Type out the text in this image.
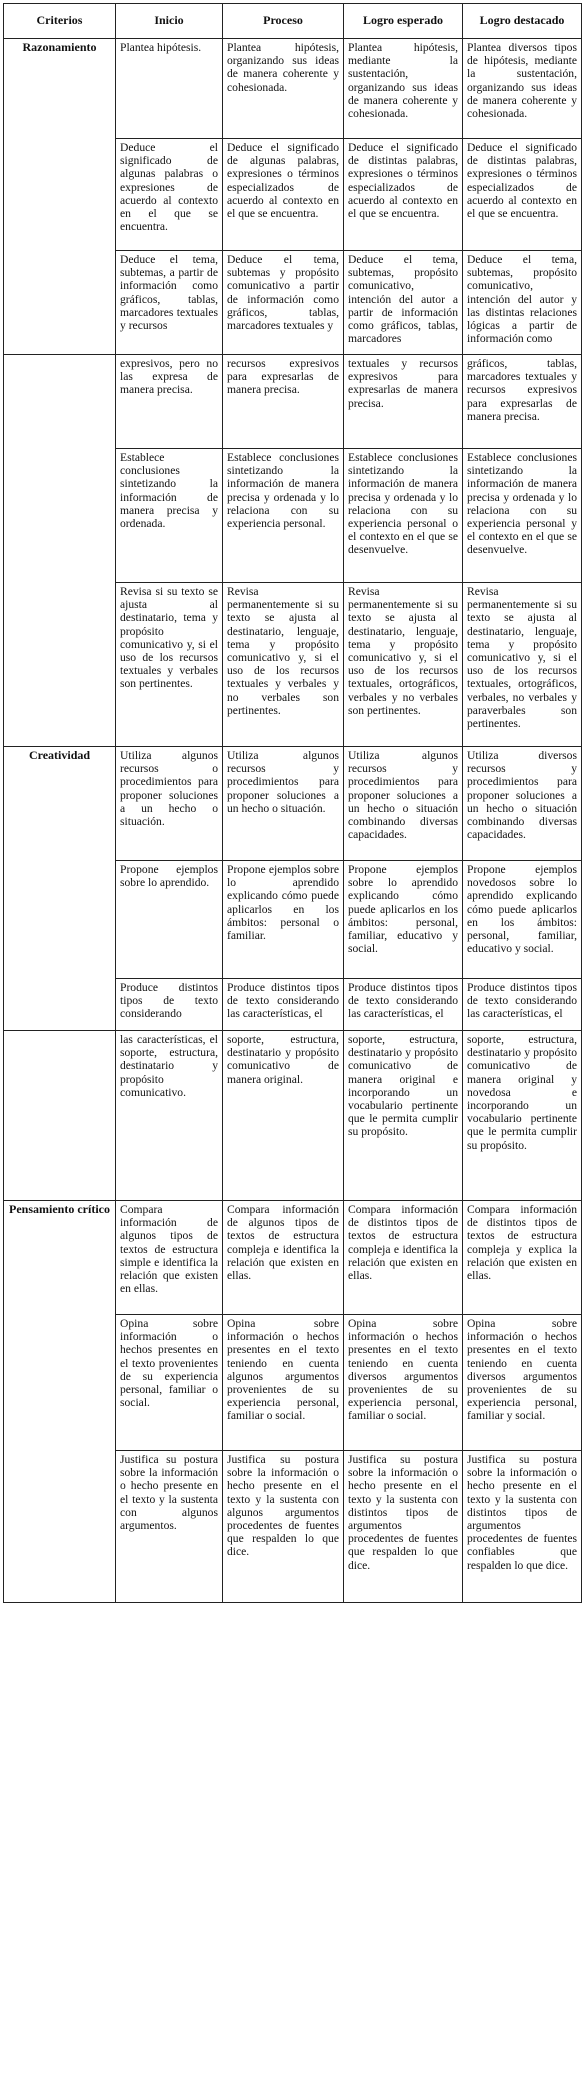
Criterios	Inicio	Proceso	Logro esperado	Logro destacado
Razonamiento	Plantea hipótesis.	Plantea hipótesis, organizando sus ideas de manera coherente y cohesionada.	Plantea hipótesis, mediante la sustentación, organizando sus ideas de manera coherente y cohesionada.	Plantea diversos tipos de hipótesis, mediante la sustentación, organizando sus ideas de manera coherente y cohesionada.

	Deduce el significado de algunas palabras o expresiones de acuerdo al contexto en el que se encuentra.	Deduce el significado de algunas palabras, expresiones o términos especializados de acuerdo al contexto en el que se encuentra.	Deduce el significado de distintas palabras, expresiones o términos especializados de acuerdo al contexto en el que se encuentra.	Deduce el significado de distintas palabras, expresiones o términos especializados de acuerdo al contexto en el que se encuentra.

	Deduce el tema, subtemas, a partir de información como gráficos, tablas, marcadores textuales y recursos	Deduce el tema, subtemas y propósito comunicativo a partir de información como gráficos, tablas, marcadores textuales y	Deduce el tema, subtemas, propósito comunicativo, intención del autor a partir de información como gráficos, tablas, marcadores	Deduce el tema, subtemas, propósito comunicativo, intención del autor y las distintas relaciones lógicas a partir de información como

	expresivos, pero no las expresa de manera precisa.	recursos expresivos para expresarlas de manera precisa.	textuales y recursos expresivos para expresarlas de manera precisa.	gráficos, tablas, marcadores textuales y recursos expresivos para expresarlas de manera precisa.

	Establece conclusiones sintetizando la información de manera precisa y ordenada.	Establece conclusiones sintetizando la información de manera precisa y ordenada y lo relaciona con su experiencia personal.	Establece conclusiones sintetizando la información de manera precisa y ordenada y lo relaciona con su experiencia personal o el contexto en el que se desenvuelve.	Establece conclusiones sintetizando la información de manera precisa y ordenada y lo relaciona con su experiencia personal y el contexto en el que se desenvuelve.

	Revisa si su texto se ajusta al destinatario, tema y propósito comunicativo y, si el uso de los recursos textuales y verbales son pertinentes.	Revisa permanentemente si su texto se ajusta al destinatario, lenguaje, tema y propósito comunicativo y, si el uso de los recursos textuales y verbales y no verbales son pertinentes.	Revisa permanentemente si su texto se ajusta al destinatario, lenguaje, tema y propósito comunicativo y, si el uso de los recursos textuales, ortográficos, verbales y no verbales son pertinentes.	Revisa permanentemente si su texto se ajusta al destinatario, lenguaje, tema y propósito comunicativo y, si el uso de los recursos textuales, ortográficos, verbales, no verbales y paraverbales son pertinentes.

Creatividad	Utiliza algunos recursos o procedimientos para proponer soluciones a un hecho o situación.	Utiliza algunos recursos y procedimientos para proponer soluciones a un hecho o situación.	Utiliza algunos recursos y procedimientos para proponer soluciones a un hecho o situación combinando diversas capacidades.	Utiliza diversos recursos y procedimientos para proponer soluciones a un hecho o situación combinando diversas capacidades.

	Propone ejemplos sobre lo aprendido.	Propone ejemplos sobre lo aprendido explicando cómo puede aplicarlos en los ámbitos: personal o familiar.	Propone ejemplos sobre lo aprendido explicando cómo puede aplicarlos en los ámbitos: personal, familiar, educativo y social.	Propone ejemplos novedosos sobre lo aprendido explicando cómo puede aplicarlos en los ámbitos: personal, familiar, educativo y social.

	Produce distintos tipos de texto considerando	Produce distintos tipos de texto considerando las características, el	Produce distintos tipos de texto considerando las características, el	Produce distintos tipos de texto considerando las características, el

	las características, el soporte, estructura, destinatario y propósito comunicativo.	soporte, estructura, destinatario y propósito comunicativo de manera original.	soporte, estructura, destinatario y propósito comunicativo de manera original e incorporando un vocabulario pertinente que le permita cumplir su propósito.	soporte, estructura, destinatario y propósito comunicativo de manera original y novedosa e incorporando un vocabulario pertinente que le permita cumplir su propósito.

Pensamiento crítico	Compara información de algunos tipos de textos de estructura simple e identifica la relación que existen en ellas.	Compara información de algunos tipos de textos de estructura compleja e identifica la relación que existen en ellas.	Compara información de distintos tipos de textos de estructura compleja e identifica la relación que existen en ellas.	Compara información de distintos tipos de textos de estructura compleja y explica la relación que existen en ellas.

	Opina sobre información o hechos presentes en el texto provenientes de su experiencia personal, familiar o social.	Opina sobre información o hechos presentes en el texto teniendo en cuenta algunos argumentos provenientes de su experiencia personal, familiar o social.	Opina sobre información o hechos presentes en el texto teniendo en cuenta diversos argumentos provenientes de su experiencia personal, familiar o social.	Opina sobre información o hechos presentes en el texto teniendo en cuenta diversos argumentos provenientes de su experiencia personal, familiar y social.

	Justifica su postura sobre la información o hecho presente en el texto y la sustenta con algunos argumentos.	Justifica su postura sobre la información o hecho presente en el texto y la sustenta con algunos argumentos procedentes de fuentes que respalden lo que dice.	Justifica su postura sobre la información o hecho presente en el texto y la sustenta con distintos tipos de argumentos procedentes de fuentes que respalden lo que dice.	Justifica su postura sobre la información o hecho presente en el texto y la sustenta con distintos tipos de argumentos procedentes de fuentes confiables que respalden lo que dice.
